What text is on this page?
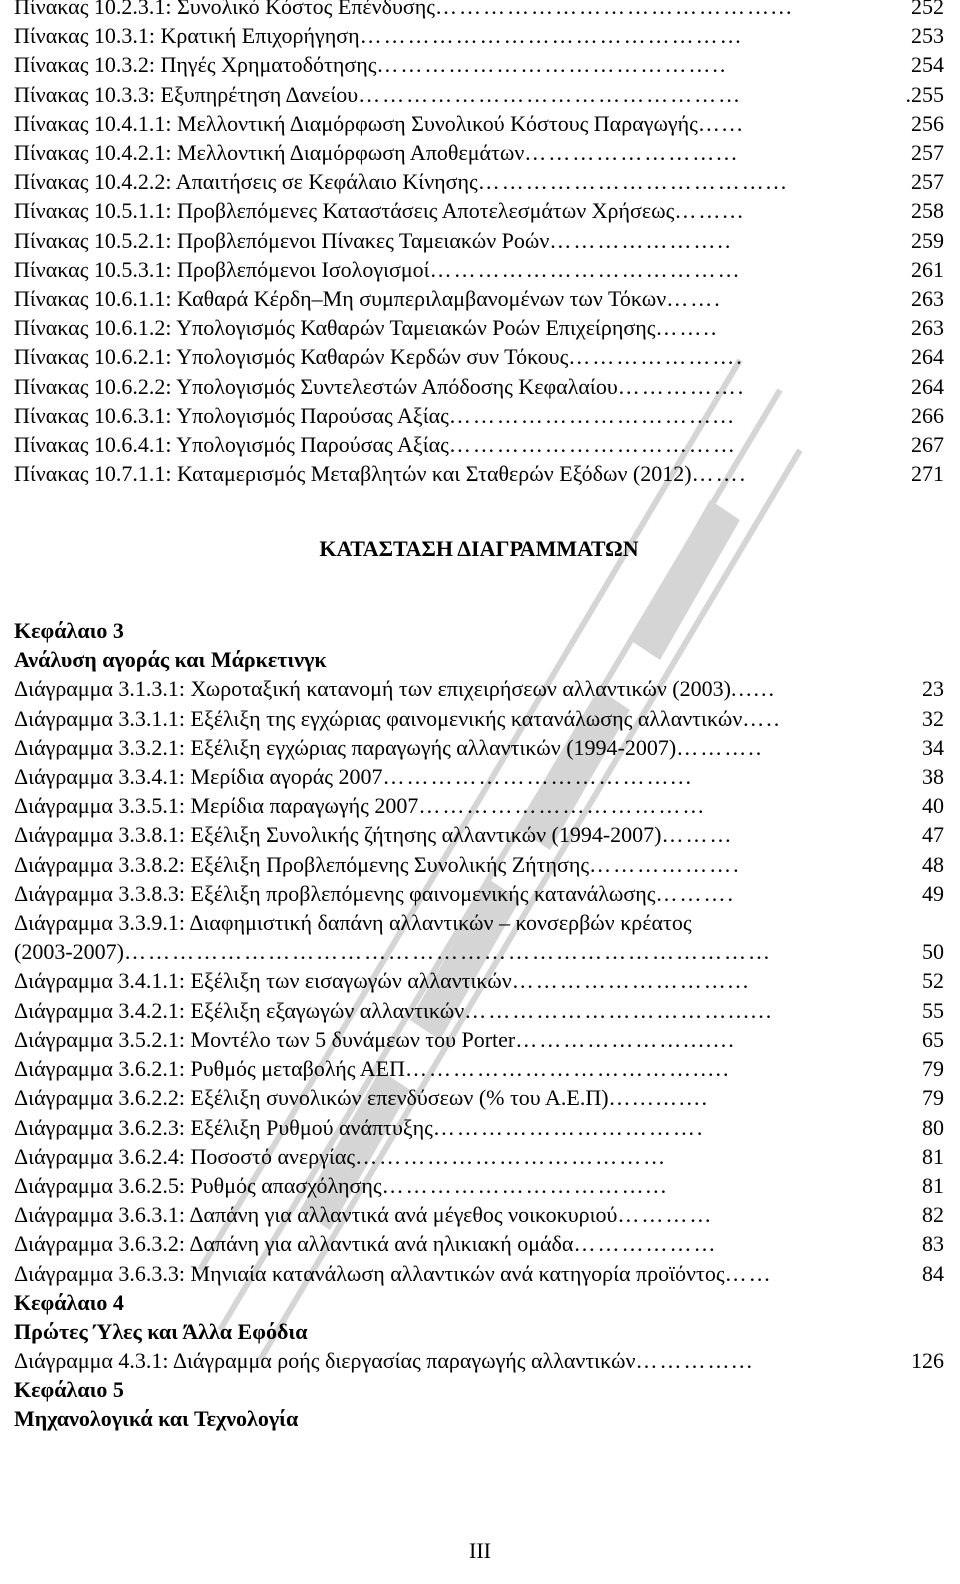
Πίνακας 10.2.3.1: Συνολικό Κόστος Επένδυσης ……………………………………...	252
Πίνακας 10.3.1: Κρατική Επιχορήγηση …………………………………………	253
Πίνακας 10.3.2: Πηγές Χρηματοδότησης ……………………………………..	254
Πίνακας 10.3.3: Εξυπηρέτηση Δανείου …………………………………………	.255
Πίνακας 10.4.1.1: Μελλοντική Διαμόρφωση Συνολικού Κόστους Παραγωγής …...	256
Πίνακας 10.4.2.1: Μελλοντική Διαμόρφωση Αποθεμάτων ……………………...	257
Πίνακας 10.4.2.2: Απαιτήσεις σε Κεφάλαιο Κίνησης ………………………………...	257
Πίνακας 10.5.1.1: Προβλεπόμενες Καταστάσεις Αποτελεσμάτων Χρήσεως ……...	258
Πίνακας 10.5.2.1: Προβλεπόμενοι Πίνακες Ταμειακών Ροών …………………..	259
Πίνακας 10.5.3.1: Προβλεπόμενοι Ισολογισμοί …………………………………	261
Πίνακας 10.6.1.1: Καθαρά Κέρδη–Μη συμπεριλαμβανομένων των Τόκων …….	263
Πίνακας 10.6.1.2: Υπολογισμός Καθαρών Ταμειακών Ροών Επιχείρησης ……..	263
Πίνακας 10.6.2.1: Υπολογισμός Καθαρών Κερδών συν Τόκους ………………….	264
Πίνακας 10.6.2.2: Υπολογισμός Συντελεστών Απόδοσης Κεφαλαίου …………….	264
Πίνακας 10.6.3.1: Υπολογισμός Παρούσας Αξίας ……………………………...	266
Πίνακας 10.6.4.1: Υπολογισμός Παρούσας Αξίας ………………………………	267
Πίνακας 10.7.1.1: Καταμερισμός Μεταβλητών και Σταθερών Εξόδων (2012) …….	271
ΚΑΤΑΣΤΑΣΗ ΔΙΑΓΡΑΜΜΑΤΩΝ
Κεφάλαιο 3
Ανάλυση αγοράς και Μάρκετινγκ
Διάγραμμα 3.1.3.1: Χωροταξική κατανομή των επιχειρήσεων αλλαντικών (2003) ......	23
Διάγραμμα 3.3.1.1: Εξέλιξη της εγχώριας φαινομενικής κατανάλωσης αλλαντικών …..	32
Διάγραμμα 3.3.2.1: Εξέλιξη εγχώριας παραγωγής αλλαντικών (1994-2007) ………..	34
Διάγραμμα 3.3.4.1: Μερίδια αγοράς 2007 ………………………………...	38
Διάγραμμα 3.3.5.1: Μερίδια παραγωγής 2007 ………………………………	40
Διάγραμμα 3.3.8.1: Εξέλιξη Συνολικής ζήτησης αλλαντικών (1994-2007) ………	47
Διάγραμμα 3.3.8.2: Εξέλιξη Προβλεπόμενης Συνολικής Ζήτησης ……………….	48
Διάγραμμα 3.3.8.3: Εξέλιξη προβλεπόμενης φαινομενικής κατανάλωσης ……….	49
Διάγραμμα 3.3.9.1: Διαφημιστική δαπάνη αλλαντικών – κονσερβών κρέατος
(2003-2007) ………………………………………………………………………	50
Διάγραμμα 3.4.1.1: Εξέλιξη των εισαγωγών αλλαντικών ………………………...	52
Διάγραμμα 3.4.2.1: Εξέλιξη εξαγωγών αλλαντικών ……………………………......	55
Διάγραμμα 3.5.2.1: Μοντέλο των 5 δυνάμεων του Porter ………………….......	65
Διάγραμμα 3.6.2.1: Ρυθμός μεταβολής ΑΕΠ ……………………………….....	79
Διάγραμμα 3.6.2.2: Εξέλιξη συνολικών επενδύσεων (% του Α.Ε.Π) …...…....	79
Διάγραμμα 3.6.2.3: Εξέλιξη Ρυθμού ανάπτυξης …………………………….	80
Διάγραμμα 3.6.2.4: Ποσοστό ανεργίας …………………………………	81
Διάγραμμα 3.6.2.5: Ρυθμός απασχόλησης ……………………………...	81
Διάγραμμα 3.6.3.1: Δαπάνη για αλλαντικά ανά μέγεθος νοικοκυριού …………	82
Διάγραμμα 3.6.3.2: Δαπάνη για αλλαντικά ανά ηλικιακή ομάδα ………………	83
Διάγραμμα 3.6.3.3: Μηνιαία κατανάλωση αλλαντικών ανά κατηγορία προϊόντος ……	84
Κεφάλαιο 4
Πρώτες Ύλες και Άλλα Εφόδια
Διάγραμμα 4.3.1: Διάγραμμα ροής διεργασίας παραγωγής αλλαντικών …………...	126
Κεφάλαιο 5
Μηχανολογικά και Τεχνολογία
III
